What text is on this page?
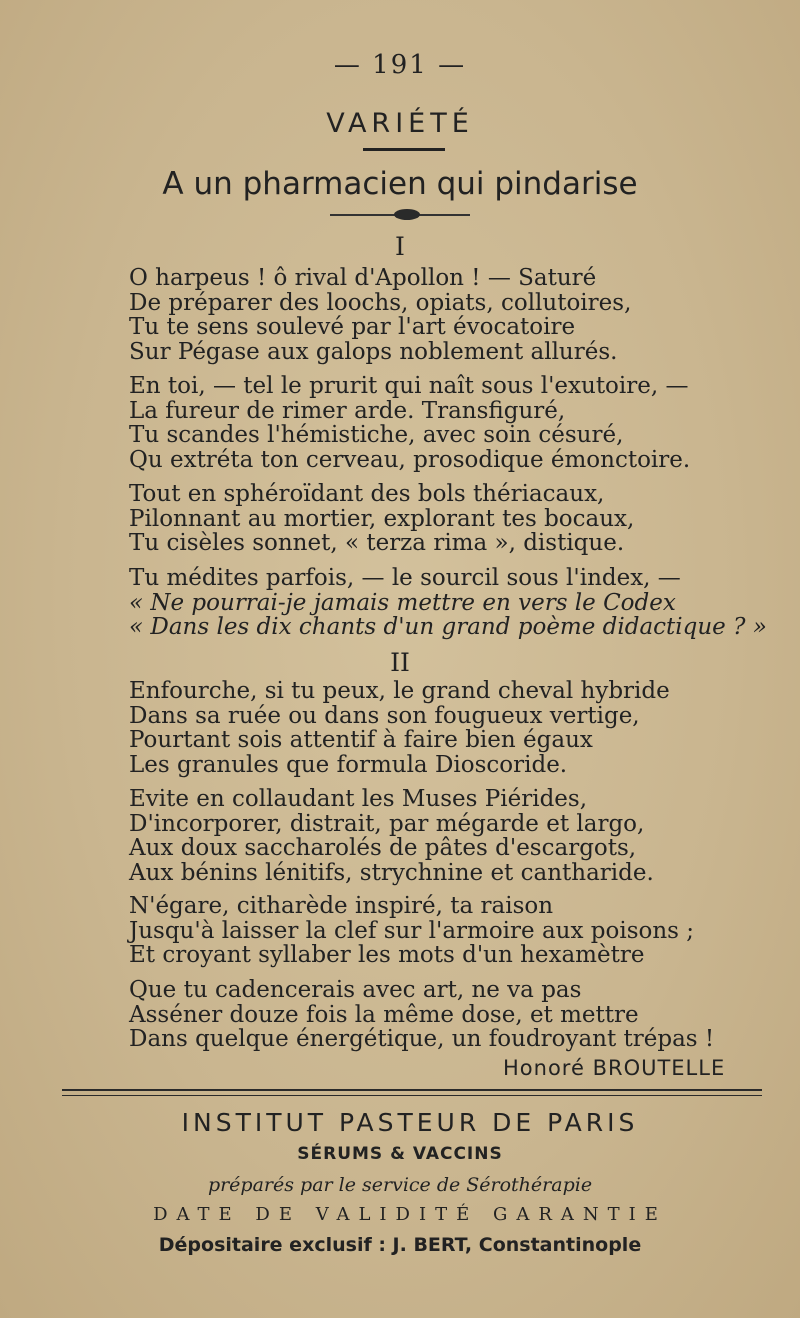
— 191 —
VARIÉTÉ
A un pharmacien qui pindarise
I
O harpeus ! ô rival d'Apollon ! — Saturé
De préparer des loochs, opiats, collutoires,
Tu te sens soulevé par l'art évocatoire
Sur Pégase aux galops noblement allurés.
En toi, — tel le prurit qui naît sous l'exutoire, —
La fureur de rimer arde. Transfiguré,
Tu scandes l'hémistiche, avec soin césuré,
Qu extréta ton cerveau, prosodique émonctoire.
Tout en sphéroïdant des bols thériacaux,
Pilonnant au mortier, explorant tes bocaux,
Tu cisèles sonnet, « terza rima », distique.
Tu médites parfois, — le sourcil sous l'index, —
« Ne pourrai-je jamais mettre en vers le Codex
« Dans les dix chants d'un grand poème didactique ? »
II
Enfourche, si tu peux, le grand cheval hybride
Dans sa ruée ou dans son fougueux vertige,
Pourtant sois attentif à faire bien égaux
Les granules que formula Dioscoride.
Evite en collaudant les Muses Piérides,
D'incorporer, distrait, par mégarde et largo,
Aux doux saccharolés de pâtes d'escargots,
Aux bénins lénitifs, strychnine et cantharide.
N'égare, citharède inspiré, ta raison
Jusqu'à laisser la clef sur l'armoire aux poisons ;
Et croyant syllaber les mots d'un hexamètre
Que tu cadencerais avec art, ne va pas
Asséner douze fois la même dose, et mettre
Dans quelque énergétique, un foudroyant trépas !
Honoré BROUTELLE
INSTITUT PASTEUR DE PARIS
SÉRUMS & VACCINS
préparés par le service de Sérothérapie
DATE DE VALIDITÉ GARANTIE
Dépositaire exclusif : J. BERT, Constantinople
